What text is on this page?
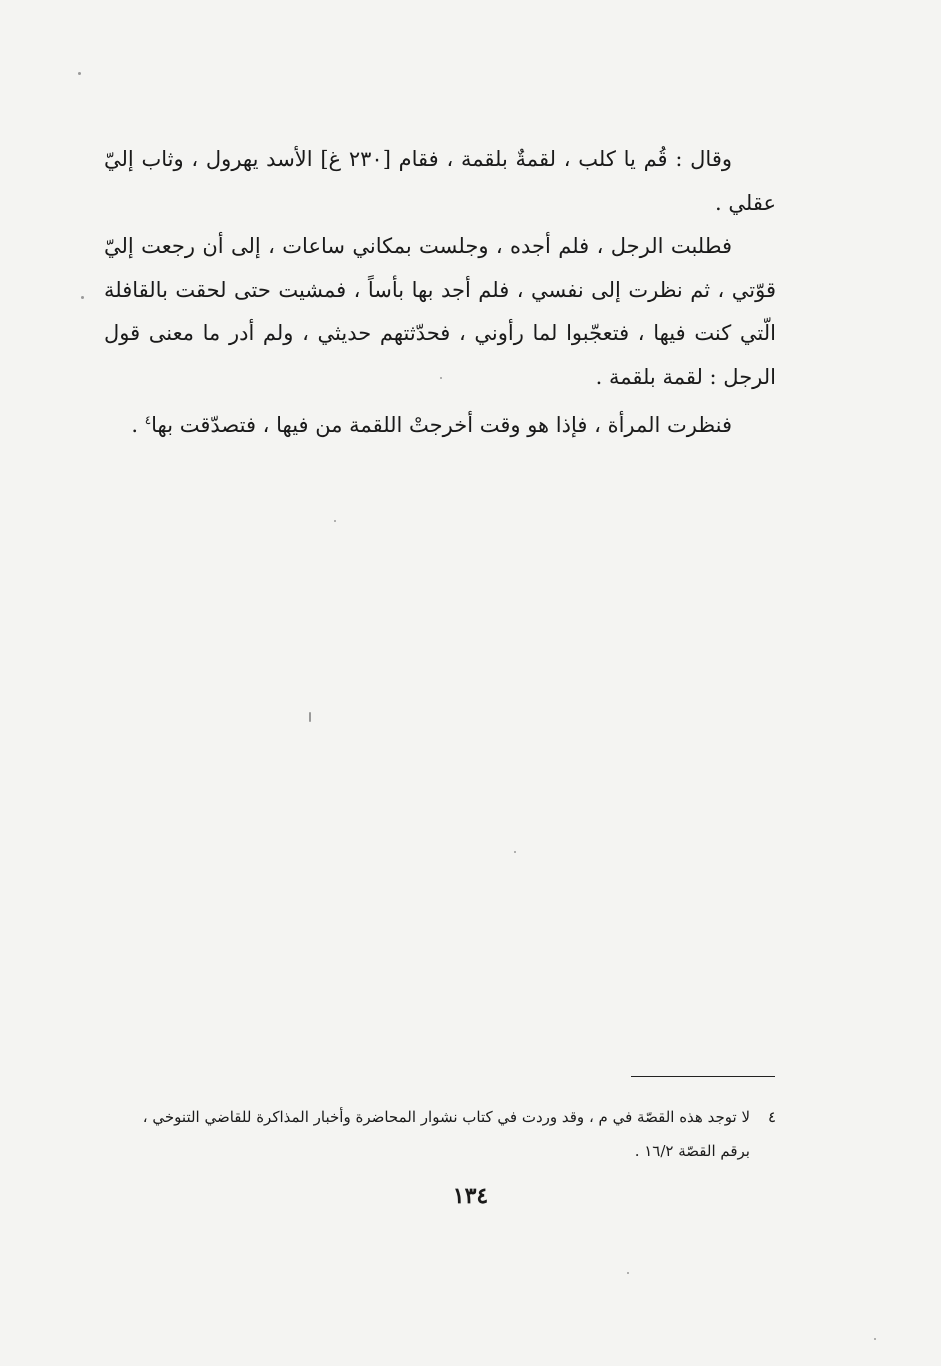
وقال : قُم يا كلب ، لقمةٌ بلقمة ، فقام [٢٣٠ غ] الأسد يهرول ، وثاب إليّ عقلي .

فطلبت الرجل ، فلم أجده ، وجلست بمكاني ساعات ، إلى أن رجعت إليّ قوّتي ، ثم نظرت إلى نفسي ، فلم أجد بها بأساً ، فمشيت حتى لحقت بالقافلة الّتي كنت فيها ، فتعجّبوا لما رأوني ، فحدّثتهم حديثي ، ولم أدر ما معنى قول الرجل : لقمة بلقمة .

فنظرت المرأة ، فإذا هو وقت أخرجتْ اللقمة من فيها ، فتصدّقت بها$^٤$ .

٤لا توجد هذه القصّة في م ، وقد وردت في كتاب نشوار المحاضرة وأخبار المذاكرة للقاضي التنوخي ،
برقم القصّة ١٦/٢ .
١٣٤
